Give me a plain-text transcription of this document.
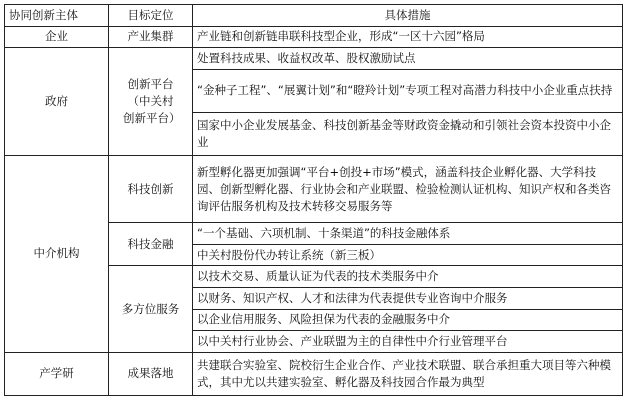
协同创新主体	目标定位	具体措施
企业	产业集群	产业链和创新链串联科技型企业，形成“一区十六园”格局
政府	创新平台（中关村创新平台）	处置科技成果、收益权改革、股权激励试点
		“金种子工程”、“展翼计划”和“瞪羚计划”专项工程对高潜力科技中小企业重点扶持
		国家中小企业发展基金、科技创新基金等财政资金撬动和引领社会资本投资中小企业
中介机构	科技创新	新型孵化器更加强调“平台+创投+市场”模式，涵盖科技企业孵化器、大学科技园、创新型孵化器、行业协会和产业联盟、检验检测认证机构、知识产权和各类咨询评估服务机构及技术转移交易服务等
	科技金融	“一个基础、六项机制、十条渠道”的科技金融体系
		中关村股份代办转让系统（新三板）
	多方位服务	以技术交易、质量认证为代表的技术类服务中介
		以财务、知识产权、人才和法律为代表提供专业咨询中介服务
		以企业信用服务、风险担保为代表的金融服务中介
		以中关村行业协会、产业联盟为主的自律性中介行业管理平台
产学研	成果落地	共建联合实验室、院校衍生企业合作、产业技术联盟、联合承担重大项目等六种模式，其中尤以共建实验室、孵化器及科技园合作最为典型
